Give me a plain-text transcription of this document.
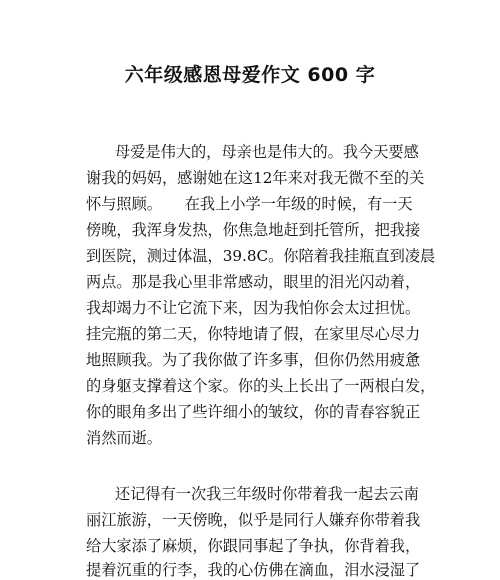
六年级感恩母爱作文 600 字
母爱是伟大的，母亲也是伟大的。我今天要感
谢我的妈妈，感谢她在这12年来对我无微不至的关
怀与照顾。　　在我上小学一年级的时候，有一天
傍晚，我浑身发热，你焦急地赶到托管所，把我接
到医院，测过体温，39.8C。你陪着我挂瓶直到凌晨
两点。那是我心里非常感动，眼里的泪光闪动着，
我却竭力不让它流下来，因为我怕你会太过担忧。
挂完瓶的第二天，你特地请了假，在家里尽心尽力
地照顾我。为了我你做了许多事，但你仍然用疲惫
的身躯支撑着这个家。你的头上长出了一两根白发，
你的眼角多出了些许细小的皱纹，你的青春容貌正
消然而逝。
还记得有一次我三年级时你带着我一起去云南
丽江旅游，一天傍晚，似乎是同行人嫌弃你带着我
给大家添了麻烦，你跟同事起了争执，你背着我，
提着沉重的行李，我的心仿佛在滴血，泪水浸湿了
